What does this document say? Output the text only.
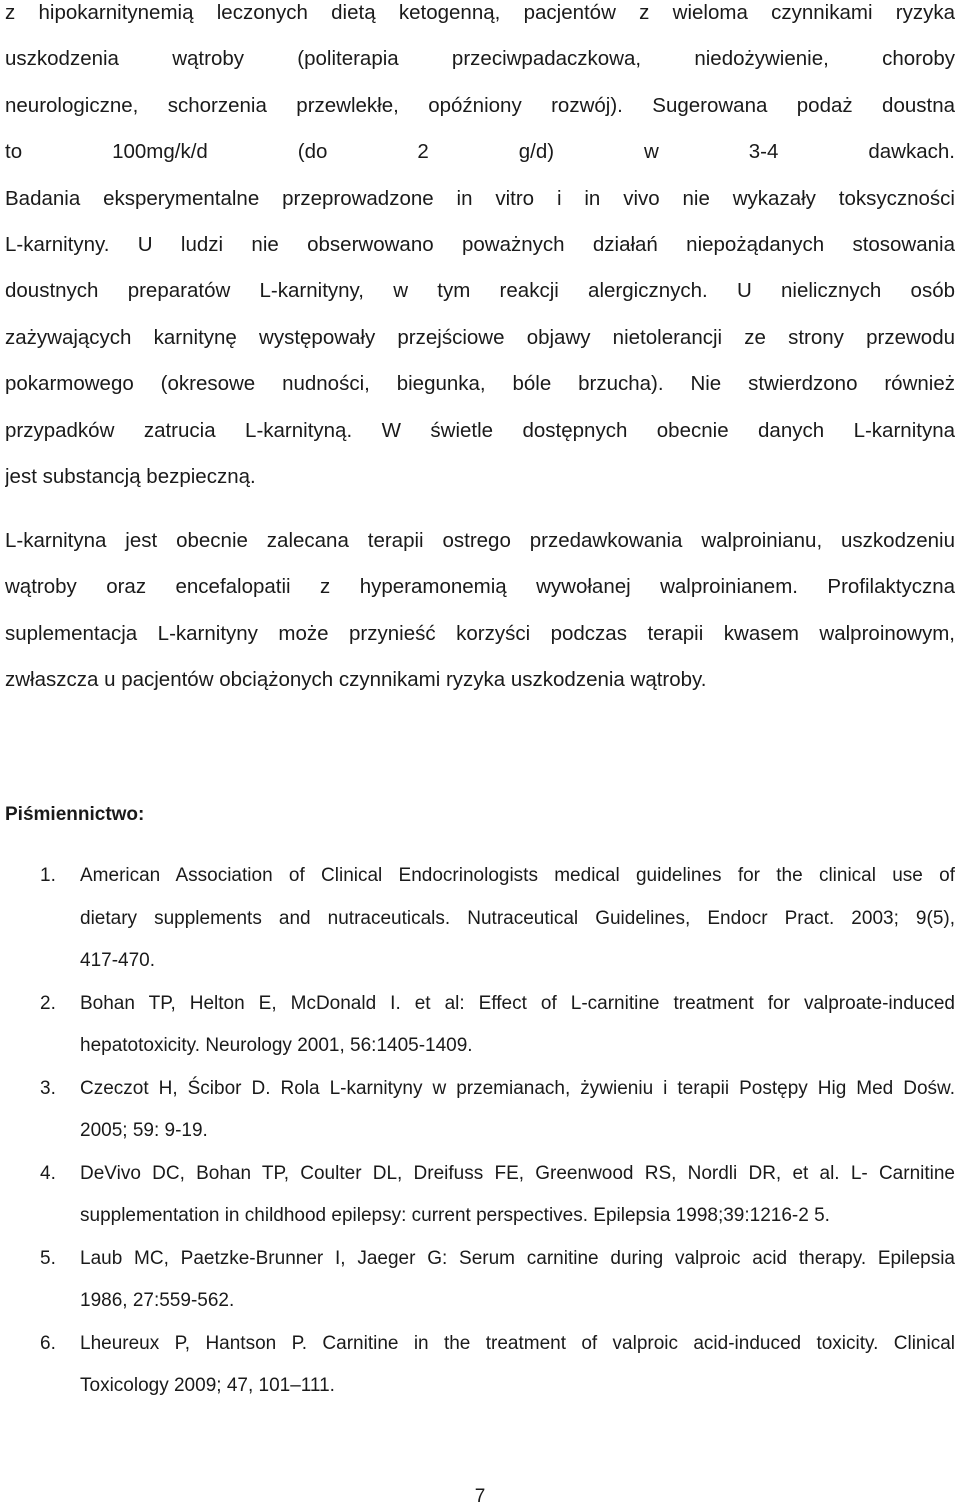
z hipokarnitynemią leczonych dietą ketogenną, pacjentów z wieloma czynnikami ryzyka
uszkodzenia wątroby (politerapia przeciwpadaczkowa, niedożywienie, choroby
neurologiczne, schorzenia przewlekłe, opóźniony rozwój). Sugerowana podaż doustna
to 100mg/k/d (do 2 g/d) w 3-4 dawkach.
Badania eksperymentalne przeprowadzone in vitro i in vivo nie wykazały toksyczności
L-karnityny. U ludzi nie obserwowano poważnych działań niepożądanych stosowania
doustnych preparatów L-karnityny, w tym reakcji alergicznych. U nielicznych osób
zażywających karnitynę występowały przejściowe objawy nietolerancji ze strony przewodu
pokarmowego (okresowe nudności, biegunka, bóle brzucha). Nie stwierdzono również
przypadków zatrucia L-karnityną. W świetle dostępnych obecnie danych L-karnityna
jest substancją bezpieczną.
L-karnityna jest obecnie zalecana terapii ostrego przedawkowania walproinianu, uszkodzeniu
wątroby oraz encefalopatii z hyperamonemią wywołanej walproinianem. Profilaktyczna
suplementacja L-karnityny może przynieść korzyści podczas terapii kwasem walproinowym,
zwłaszcza u pacjentów obciążonych czynnikami ryzyka uszkodzenia wątroby.

Piśmiennictwo:

1. American Association of Clinical Endocrinologists medical guidelines for the clinical use of
dietary supplements and nutraceuticals. Nutraceutical Guidelines, Endocr Pract. 2003; 9(5),
417-470.
2. Bohan TP, Helton E, McDonald I. et al: Effect of L-carnitine treatment for valproate-induced
hepatotoxicity. Neurology 2001, 56:1405-1409.
3. Czeczot H, Ścibor D. Rola L-karnityny w przemianach, żywieniu i terapii Postępy Hig Med Dośw.
2005; 59: 9-19.
4. DeVivo DC, Bohan TP, Coulter DL, Dreifuss FE, Greenwood RS, Nordli DR, et al. L- Carnitine
supplementation in childhood epilepsy: current perspectives. Epilepsia 1998;39:1216-2 5.
5. Laub MC, Paetzke-Brunner I, Jaeger G: Serum carnitine during valproic acid therapy. Epilepsia
1986, 27:559-562.
6. Lheureux P, Hantson P. Carnitine in the treatment of valproic acid-induced toxicity. Clinical
Toxicology 2009; 47, 101–111.

7
